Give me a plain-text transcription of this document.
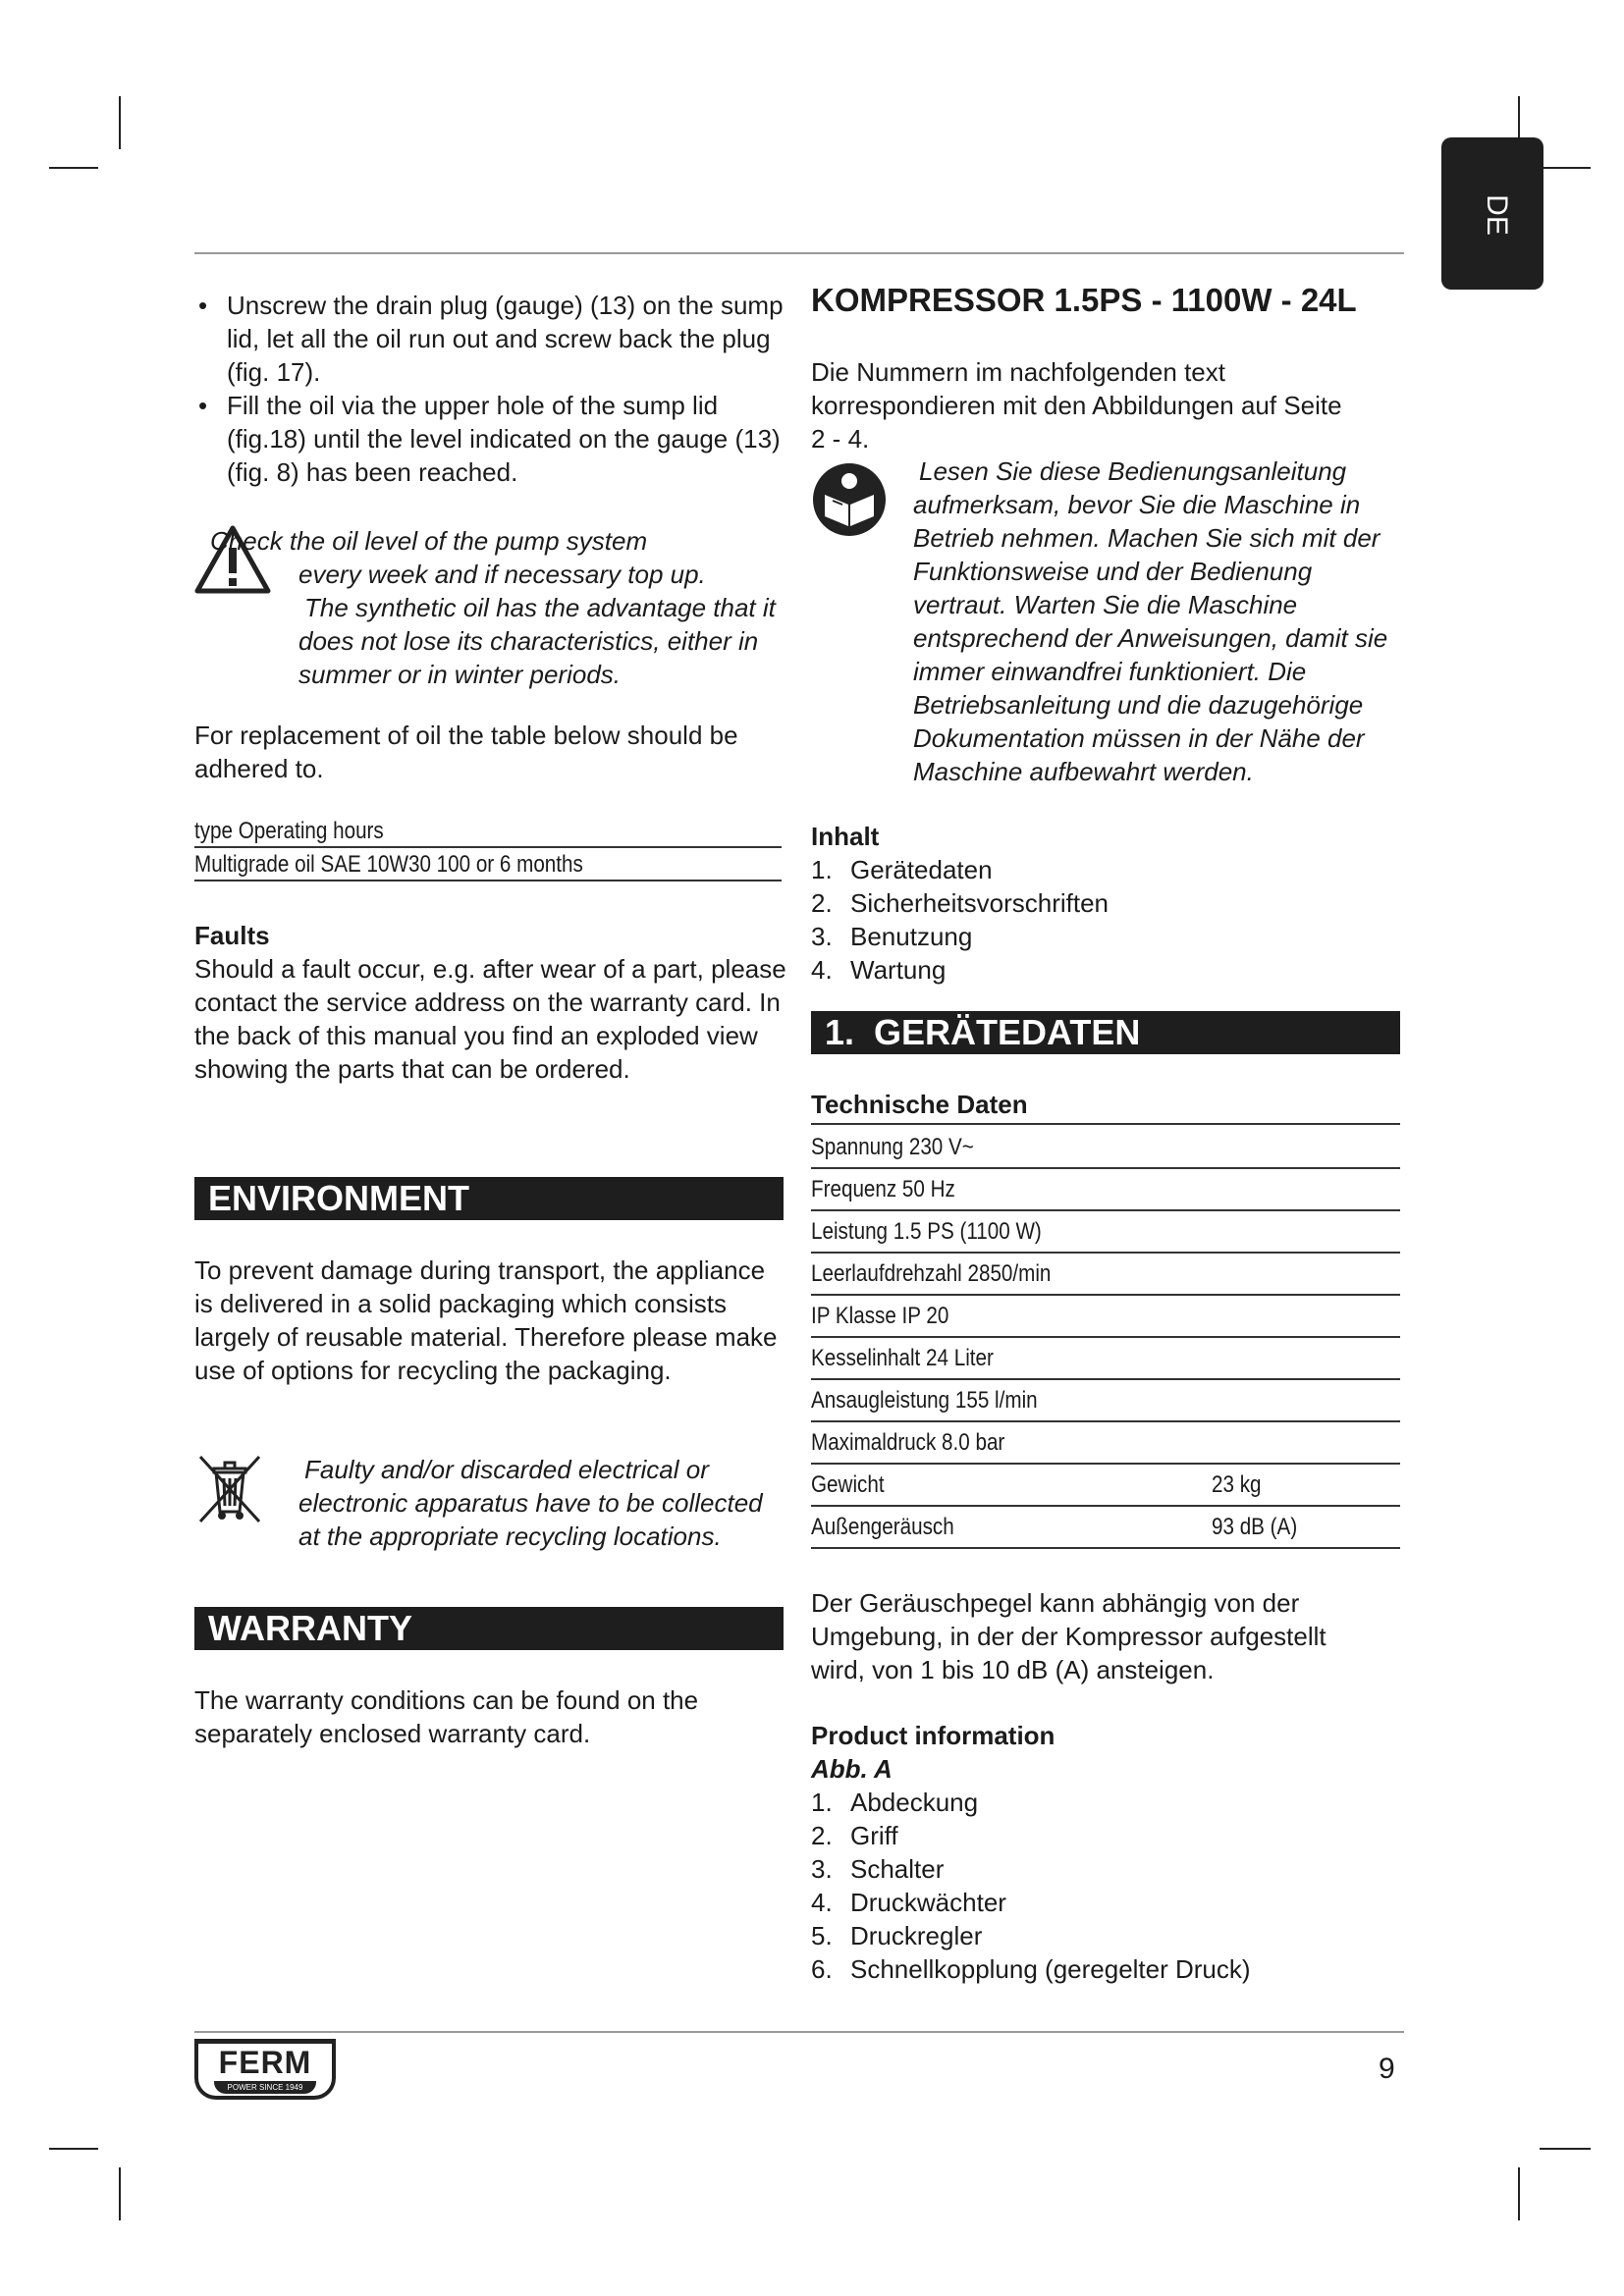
DE
• Unscrew the drain plug (gauge) (13) on the sump lid, let all the oil run out and screw back the plug (fig. 17).
• Fill the oil via the upper hole of the sump lid (fig.18) until the level indicated on the gauge (13) (fig. 8) has been reached.
Check the oil level of the pump system
every week and if necessary top up.
The synthetic oil has the advantage that it
does not lose its characteristics, either in
summer or in winter periods.
For replacement of oil the table below should be adhered to.
type Operating hours
Multigrade oil SAE 10W30 100 or 6 months
Faults
Should a fault occur, e.g. after wear of a part, please contact the service address on the warranty card. In the back of this manual you find an exploded view showing the parts that can be ordered.
ENVIRONMENT
To prevent damage during transport, the appliance is delivered in a solid packaging which consists largely of reusable material. Therefore please make use of options for recycling the packaging.
Faulty and/or discarded electrical or electronic apparatus have to be collected at the appropriate recycling locations.
WARRANTY
The warranty conditions can be found on the separately enclosed warranty card.
KOMPRESSOR 1.5PS - 1100W - 24L
Die Nummern im nachfolgenden text korrespondieren mit den Abbildungen auf Seite 2 - 4.
Lesen Sie diese Bedienungsanleitung aufmerksam, bevor Sie die Maschine in Betrieb nehmen. Machen Sie sich mit der Funktionsweise und der Bedienung vertraut. Warten Sie die Maschine entsprechend der Anweisungen, damit sie immer einwandfrei funktioniert. Die Betriebsanleitung und die dazugehörige Dokumentation müssen in der Nähe der Maschine aufbewahrt werden.
Inhalt
1. Gerätedaten
2. Sicherheitsvorschriften
3. Benutzung
4. Wartung
1.  GERÄTEDATEN
Technische Daten
Spannung 230 V~
Frequenz 50 Hz
Leistung 1.5 PS (1100 W)
Leerlaufdrehzahl 2850/min
IP Klasse IP 20
Kesselinhalt 24 Liter
Ansaugleistung 155 l/min
Maximaldruck 8.0 bar
Gewicht	23 kg
Außengeräusch	93 dB (A)
Der Geräuschpegel kann abhängig von der Umgebung, in der der Kompressor aufgestellt wird, von 1 bis 10 dB (A) ansteigen.
Product information
Abb. A
1. Abdeckung
2. Griff
3. Schalter
4. Druckwächter
5. Druckregler
6. Schnellkopplung (geregelter Druck)
FERM
POWER SINCE 1949
9
